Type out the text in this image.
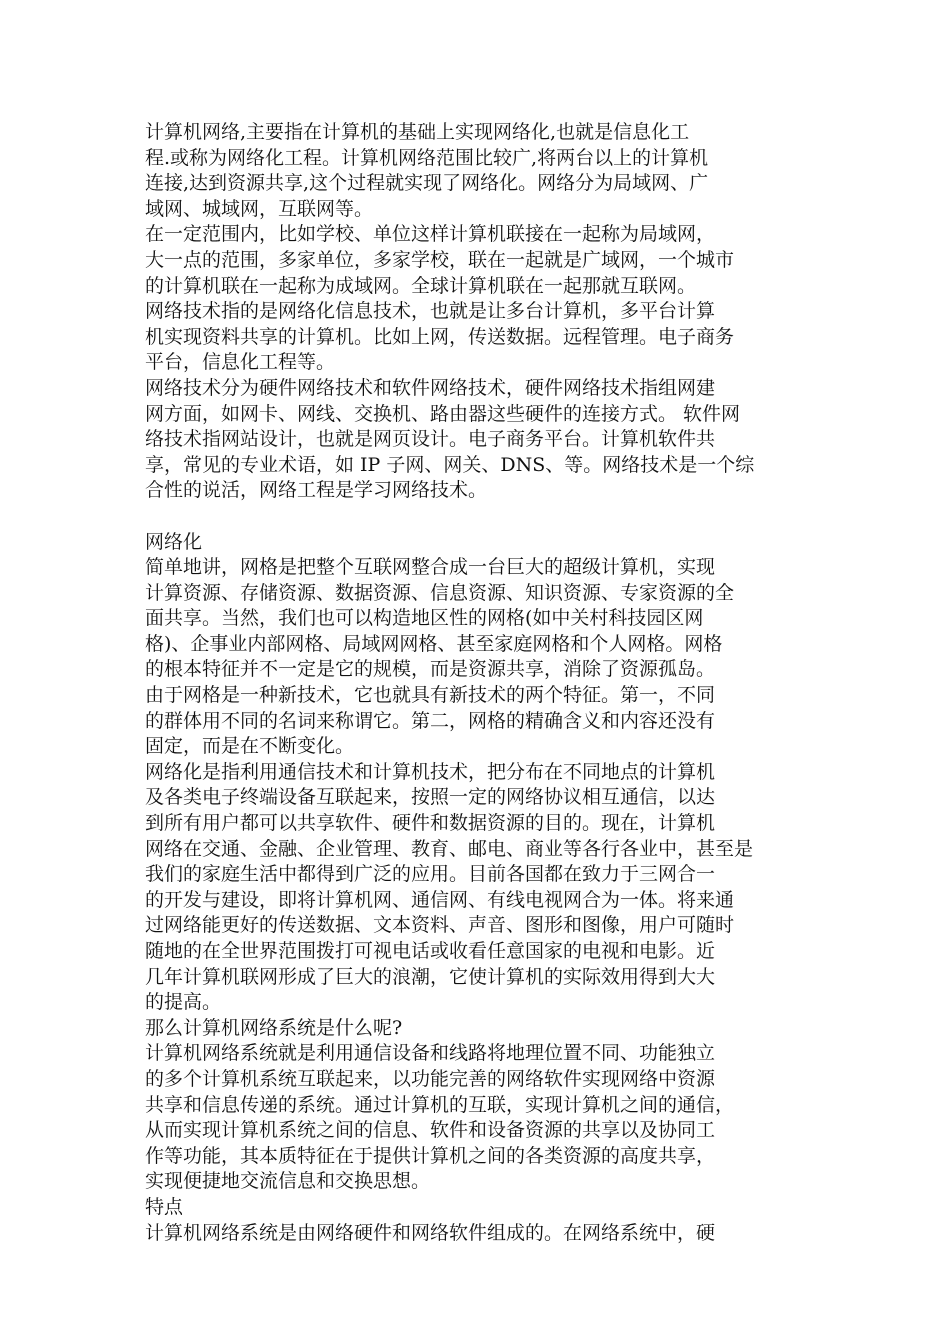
计算机网络,主要指在计算机的基础上实现网络化,也就是信息化工
程.或称为网络化工程。计算机网络范围比较广,将两台以上的计算机
连接,达到资源共享,这个过程就实现了网络化。网络分为局域网、广
域网、城域网，互联网等。
在一定范围内，比如学校、单位这样计算机联接在一起称为局域网，
大一点的范围，多家单位，多家学校，联在一起就是广域网，一个城市
的计算机联在一起称为成域网。全球计算机联在一起那就互联网。
网络技术指的是网络化信息技术，也就是让多台计算机，多平台计算
机实现资料共享的计算机。比如上网，传送数据。远程管理。电子商务
平台，信息化工程等。
网络技术分为硬件网络技术和软件网络技术，硬件网络技术指组网建
网方面，如网卡、网线、交换机、路由器这些硬件的连接方式。 软件网
络技术指网站设计，也就是网页设计。电子商务平台。计算机软件共
享，常见的专业术语，如 IP 子网、网关、DNS、等。网络技术是一个综
合性的说活，网络工程是学习网络技术。
网络化
简单地讲，网格是把整个互联网整合成一台巨大的超级计算机，实现
计算资源、存储资源、数据资源、信息资源、知识资源、专家资源的全
面共享。当然，我们也可以构造地区性的网格(如中关村科技园区网
格)、企事业内部网格、局域网网格、甚至家庭网格和个人网格。网格
的根本特征并不一定是它的规模，而是资源共享，消除了资源孤岛。
由于网格是一种新技术，它也就具有新技术的两个特征。第一，不同
的群体用不同的名词来称谓它。第二，网格的精确含义和内容还没有
固定，而是在不断变化。
网络化是指利用通信技术和计算机技术，把分布在不同地点的计算机
及各类电子终端设备互联起来，按照一定的网络协议相互通信，以达
到所有用户都可以共享软件、硬件和数据资源的目的。现在，计算机
网络在交通、金融、企业管理、教育、邮电、商业等各行各业中，甚至是
我们的家庭生活中都得到广泛的应用。目前各国都在致力于三网合一
的开发与建设，即将计算机网、通信网、有线电视网合为一体。将来通
过网络能更好的传送数据、文本资料、声音、图形和图像，用户可随时
随地的在全世界范围拨打可视电话或收看任意国家的电视和电影。近
几年计算机联网形成了巨大的浪潮，它使计算机的实际效用得到大大
的提高。
那么计算机网络系统是什么呢?
计算机网络系统就是利用通信设备和线路将地理位置不同、功能独立
的多个计算机系统互联起来，以功能完善的网络软件实现网络中资源
共享和信息传递的系统。通过计算机的互联，实现计算机之间的通信，
从而实现计算机系统之间的信息、软件和设备资源的共享以及协同工
作等功能，其本质特征在于提供计算机之间的各类资源的高度共享，
实现便捷地交流信息和交换思想。
特点
计算机网络系统是由网络硬件和网络软件组成的。在网络系统中，硬
